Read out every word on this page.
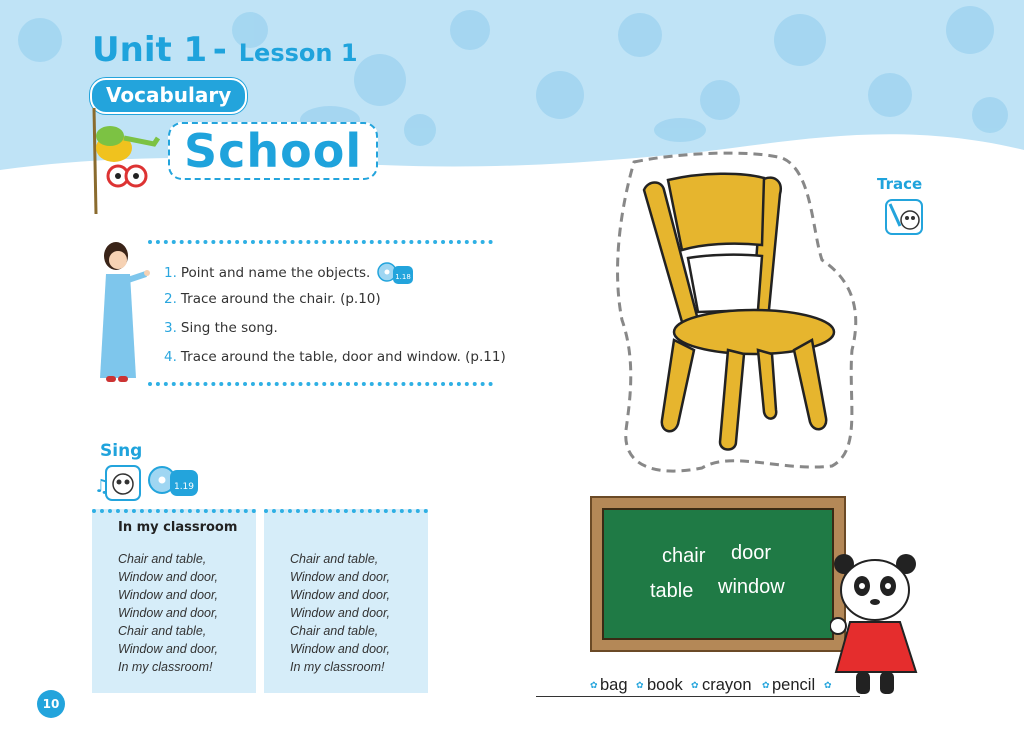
Unit 1 - Lesson 1
Vocabulary
School
1. Point and name the objects.	1.18
2. Trace around the chair. (p.10)
3. Sing the song.
4. Trace around the table, door and window. (p.11)
Sing
♫	1.19
In my classroom
Chair and table,
Window and door,
Window and door,
Window and door,
Chair and table,
Window and door,
In my classroom!
Chair and table,
Window and door,
Window and door,
Window and door,
Chair and table,
Window and door,
In my classroom!
10
Trace
chair door
table window
✿ bag ✿ book ✿ crayon ✿ pencil ✿
